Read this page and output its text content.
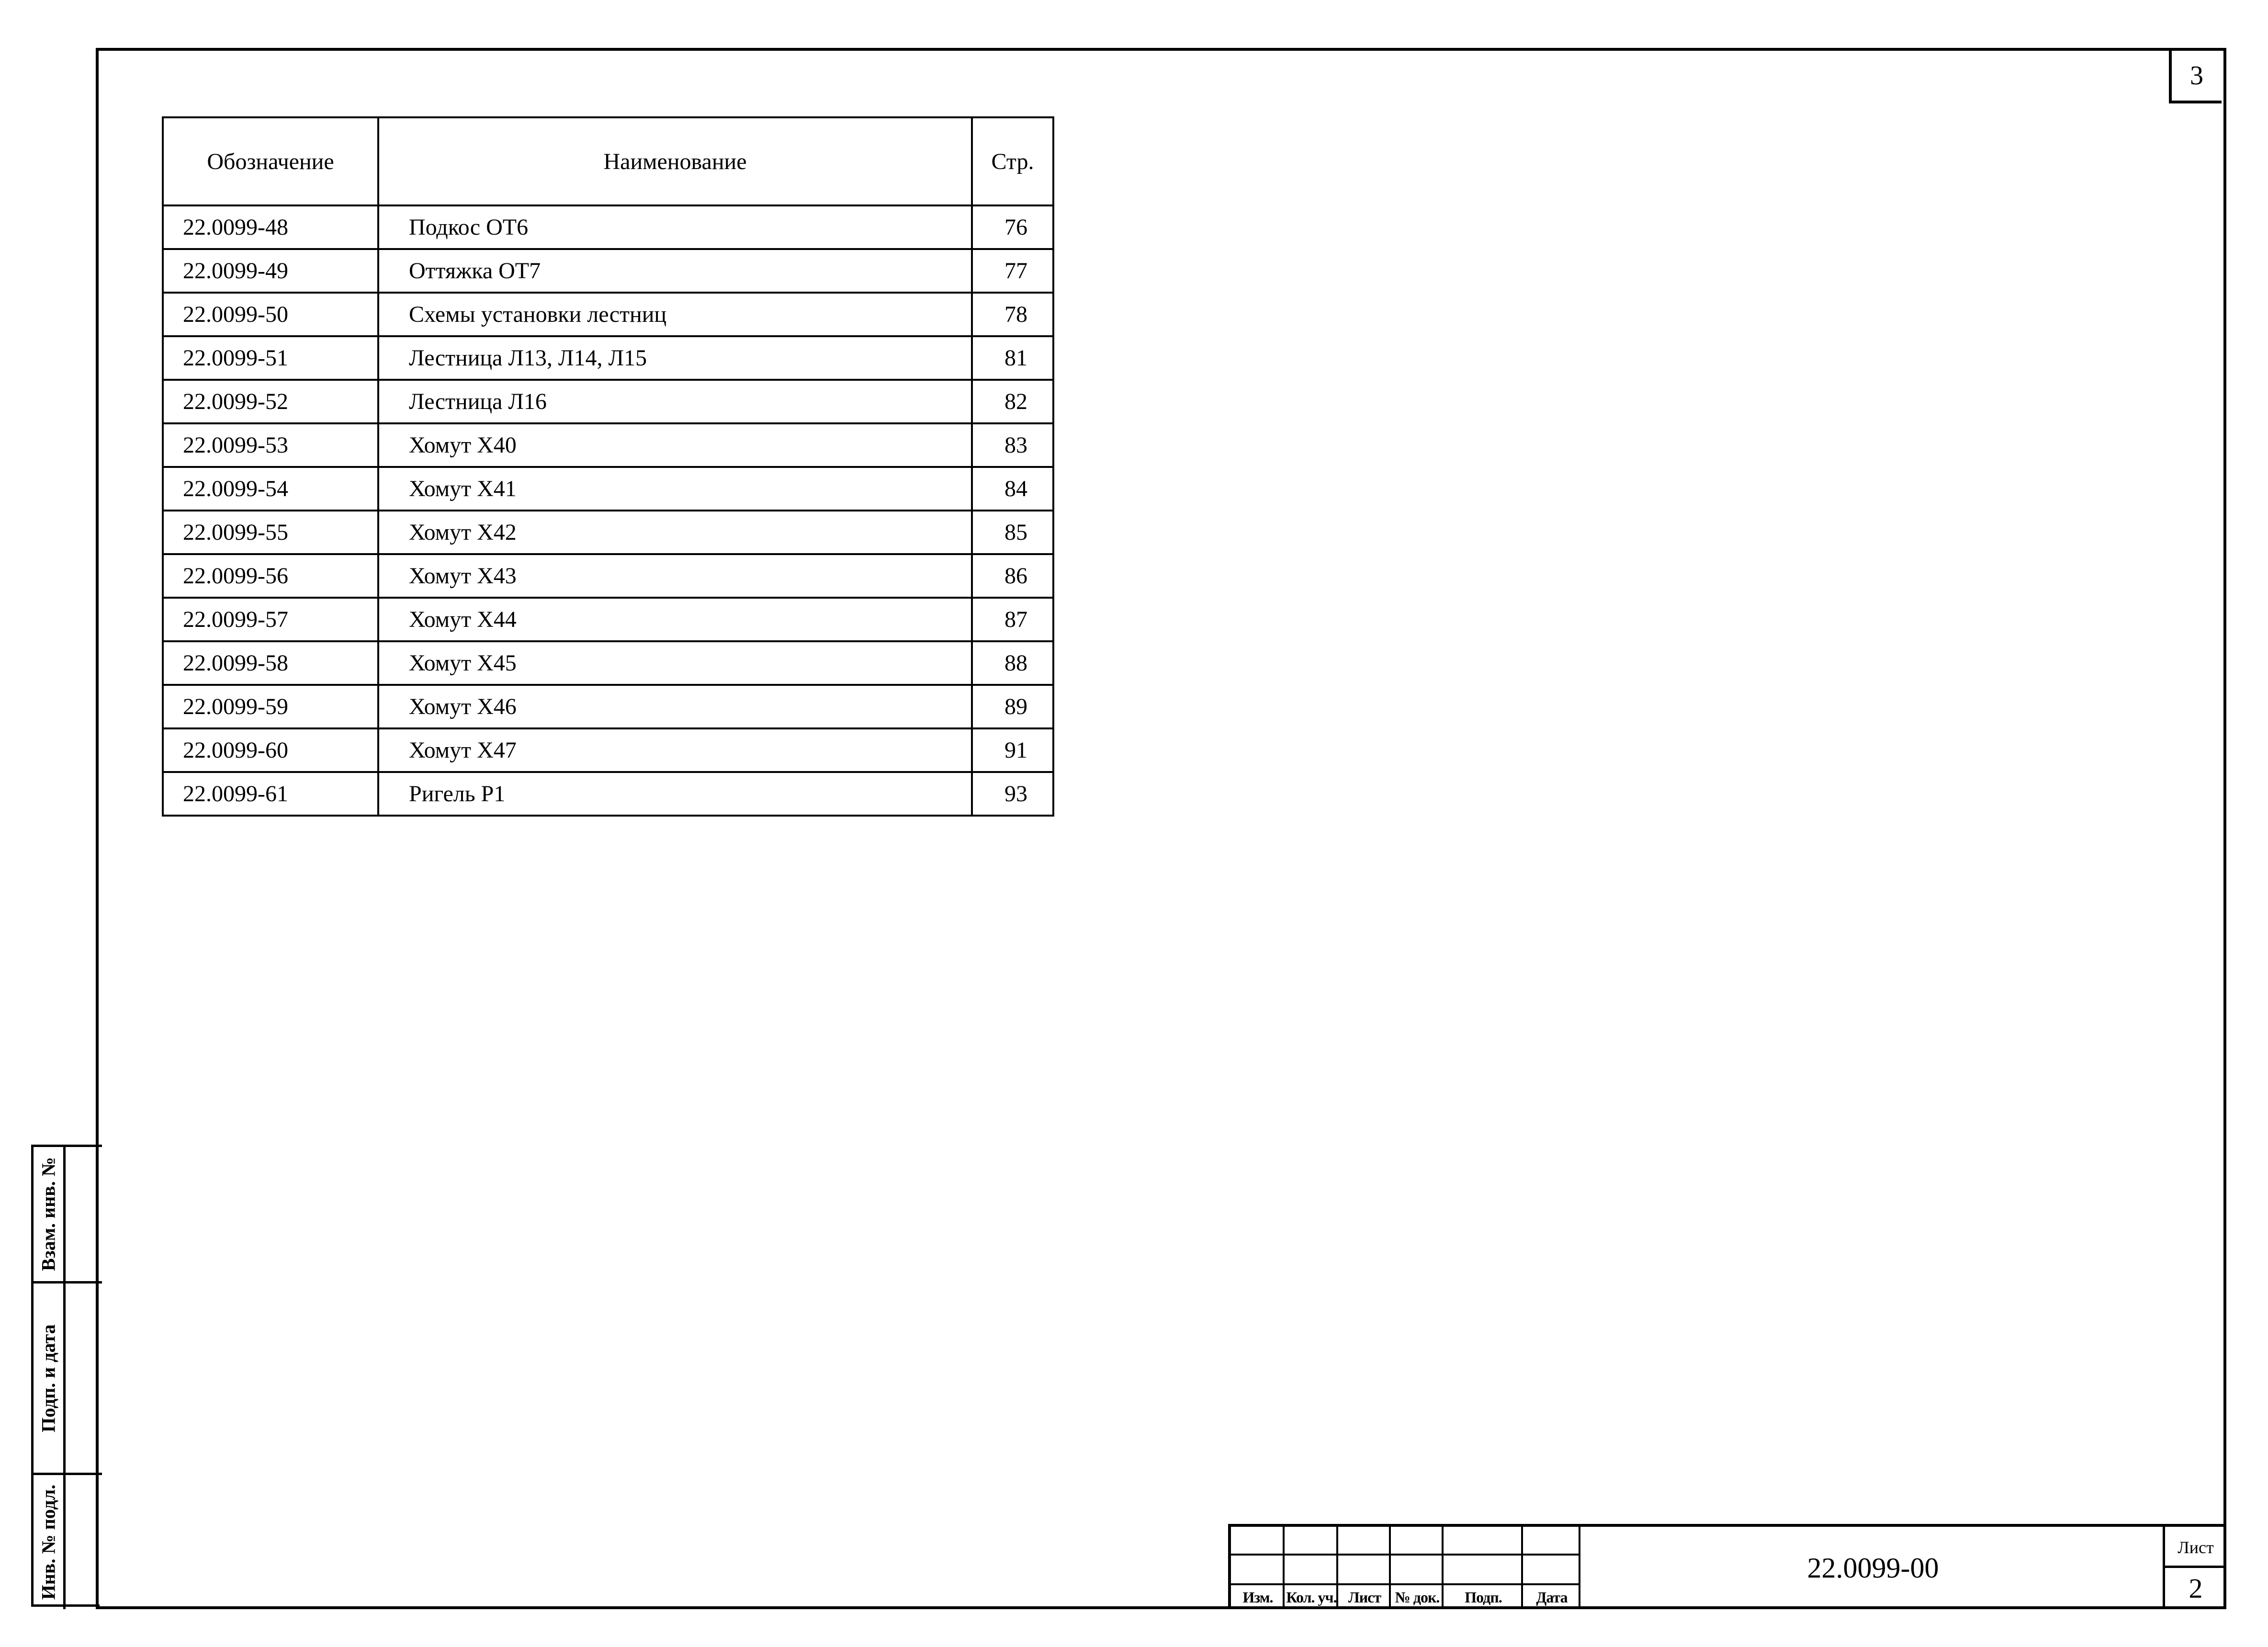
3
Обозначение	Наименование	Стр.
22.0099-48	Подкос ОТ6	76
22.0099-49	Оттяжка ОТ7	77
22.0099-50	Схемы установки лестниц	78
22.0099-51	Лестница Л13, Л14, Л15	81
22.0099-52	Лестница Л16	82
22.0099-53	Хомут Х40	83
22.0099-54	Хомут Х41	84
22.0099-55	Хомут Х42	85
22.0099-56	Хомут Х43	86
22.0099-57	Хомут Х44	87
22.0099-58	Хомут Х45	88
22.0099-59	Хомут Х46	89
22.0099-60	Хомут Х47	91
22.0099-61	Ригель Р1	93
Взам. инв. №
Подп. и дата
Инв. № подл.	Изм. Кол. уч. Лист № док.	Подп.	Дата
22.0099-00
Лист
2
